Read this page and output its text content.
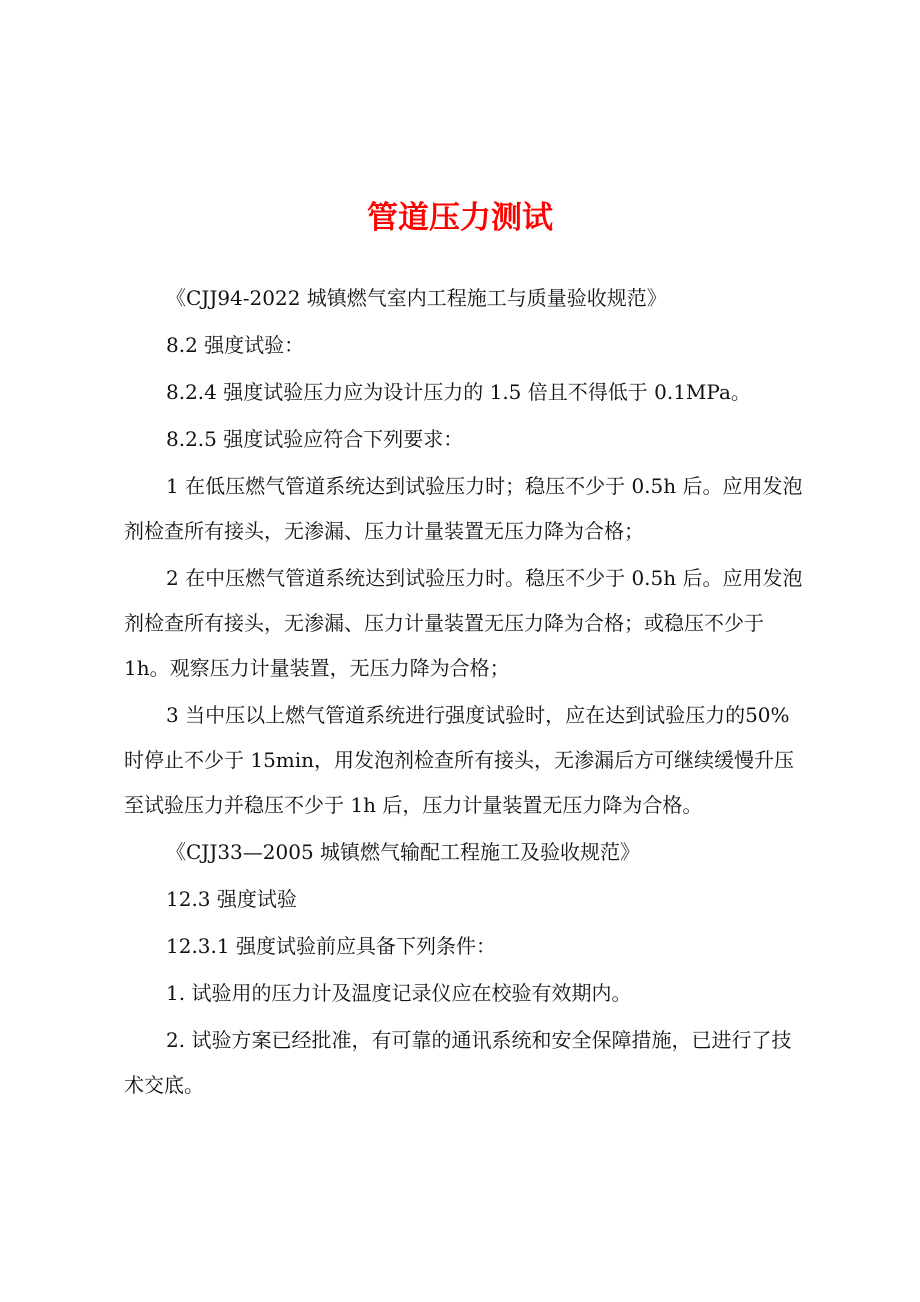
管道压力测试

《CJJ94-2022 城镇燃气室内工程施工与质量验收规范》

8.2 强度试验：

8.2.4 强度试验压力应为设计压力的 1.5 倍且不得低于 0.1MPa。

8.2.5 强度试验应符合下列要求：

1 在低压燃气管道系统达到试验压力时；稳压不少于 0.5h 后。应用发泡剂检查所有接头，无渗漏、压力计量装置无压力降为合格；

2 在中压燃气管道系统达到试验压力时。稳压不少于 0.5h 后。应用发泡剂检查所有接头，无渗漏、压力计量装置无压力降为合格；或稳压不少于 1h。观察压力计量装置，无压力降为合格；

3 当中压以上燃气管道系统进行强度试验时，应在达到试验压力的50%时停止不少于 15min，用发泡剂检查所有接头，无渗漏后方可继续缓慢升压至试验压力并稳压不少于 1h 后，压力计量装置无压力降为合格。

《CJJ33—2005 城镇燃气输配工程施工及验收规范》

12.3 强度试验

12.3.1 强度试验前应具备下列条件：

1. 试验用的压力计及温度记录仪应在校验有效期内。

2. 试验方案已经批准，有可靠的通讯系统和安全保障措施，已进行了技术交底。
